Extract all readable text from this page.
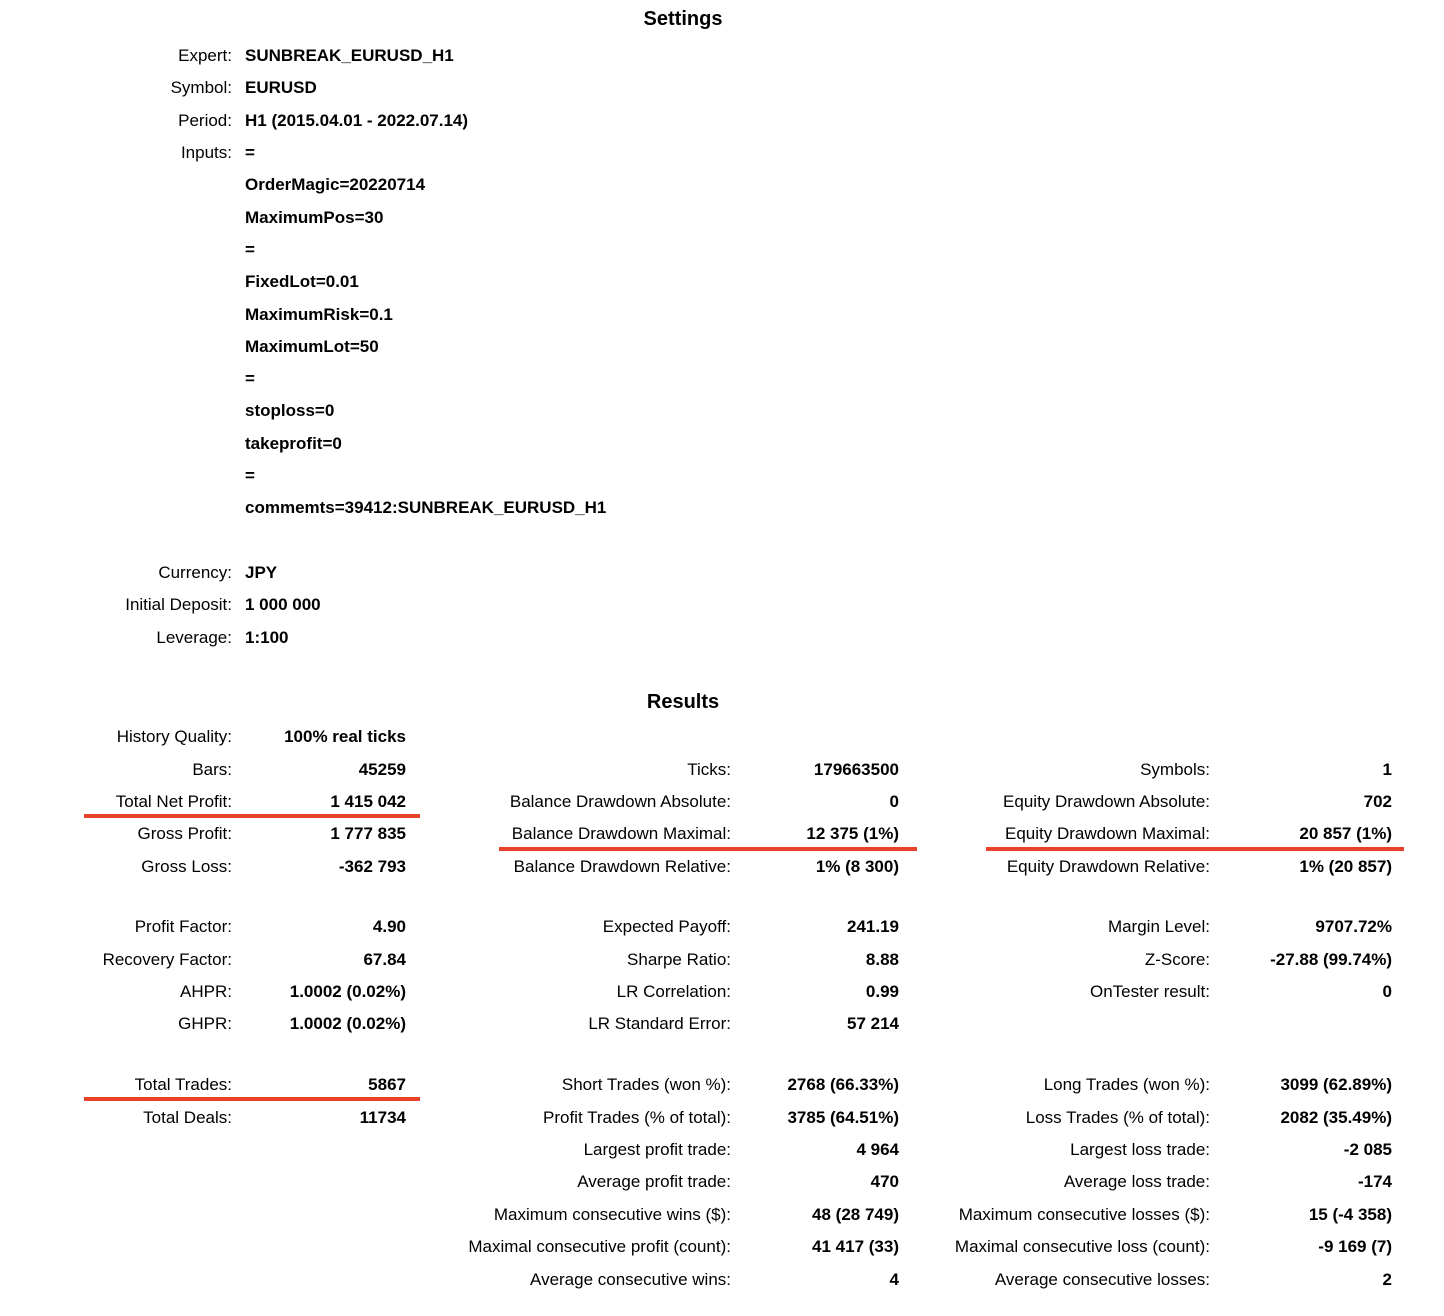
Settings
Expert: SUNBREAK_EURUSD_H1
Symbol: EURUSD
Period: H1 (2015.04.01 - 2022.07.14)
Inputs: =
OrderMagic=20220714
MaximumPos=30
=
FixedLot=0.01
MaximumRisk=0.1
MaximumLot=50
=
stoploss=0
takeprofit=0
=
commemts=39412:SUNBREAK_EURUSD_H1
Currency: JPY
Initial Deposit: 1 000 000
Leverage: 1:100
Results
History Quality:	100% real ticks
Bars:	45259	Ticks:	179663500	Symbols:	1
Total Net Profit:	1 415 042	Balance Drawdown Absolute:	0	Equity Drawdown Absolute:	702
Gross Profit:	1 777 835	Balance Drawdown Maximal:	12 375 (1%)	Equity Drawdown Maximal:	20 857 (1%)
Gross Loss:	-362 793	Balance Drawdown Relative:	1% (8 300)	Equity Drawdown Relative:	1% (20 857)
Profit Factor:	4.90	Expected Payoff:	241.19	Margin Level:	9707.72%
Recovery Factor:	67.84	Sharpe Ratio:	8.88	Z-Score:	-27.88 (99.74%)
AHPR:	1.0002 (0.02%)	LR Correlation:	0.99	OnTester result:	0
GHPR:	1.0002 (0.02%)	LR Standard Error:	57 214
Total Trades:	5867	Short Trades (won %):	2768 (66.33%)	Long Trades (won %):	3099 (62.89%)
Total Deals:	11734	Profit Trades (% of total):	3785 (64.51%)	Loss Trades (% of total):	2082 (35.49%)
Largest profit trade:	4 964	Largest loss trade:	-2 085
Average profit trade:	470	Average loss trade:	-174
Maximum consecutive wins ($):	48 (28 749)	Maximum consecutive losses ($):	15 (-4 358)
Maximal consecutive profit (count):	41 417 (33)	Maximal consecutive loss (count):	-9 169 (7)
Average consecutive wins:	4	Average consecutive losses:	2
